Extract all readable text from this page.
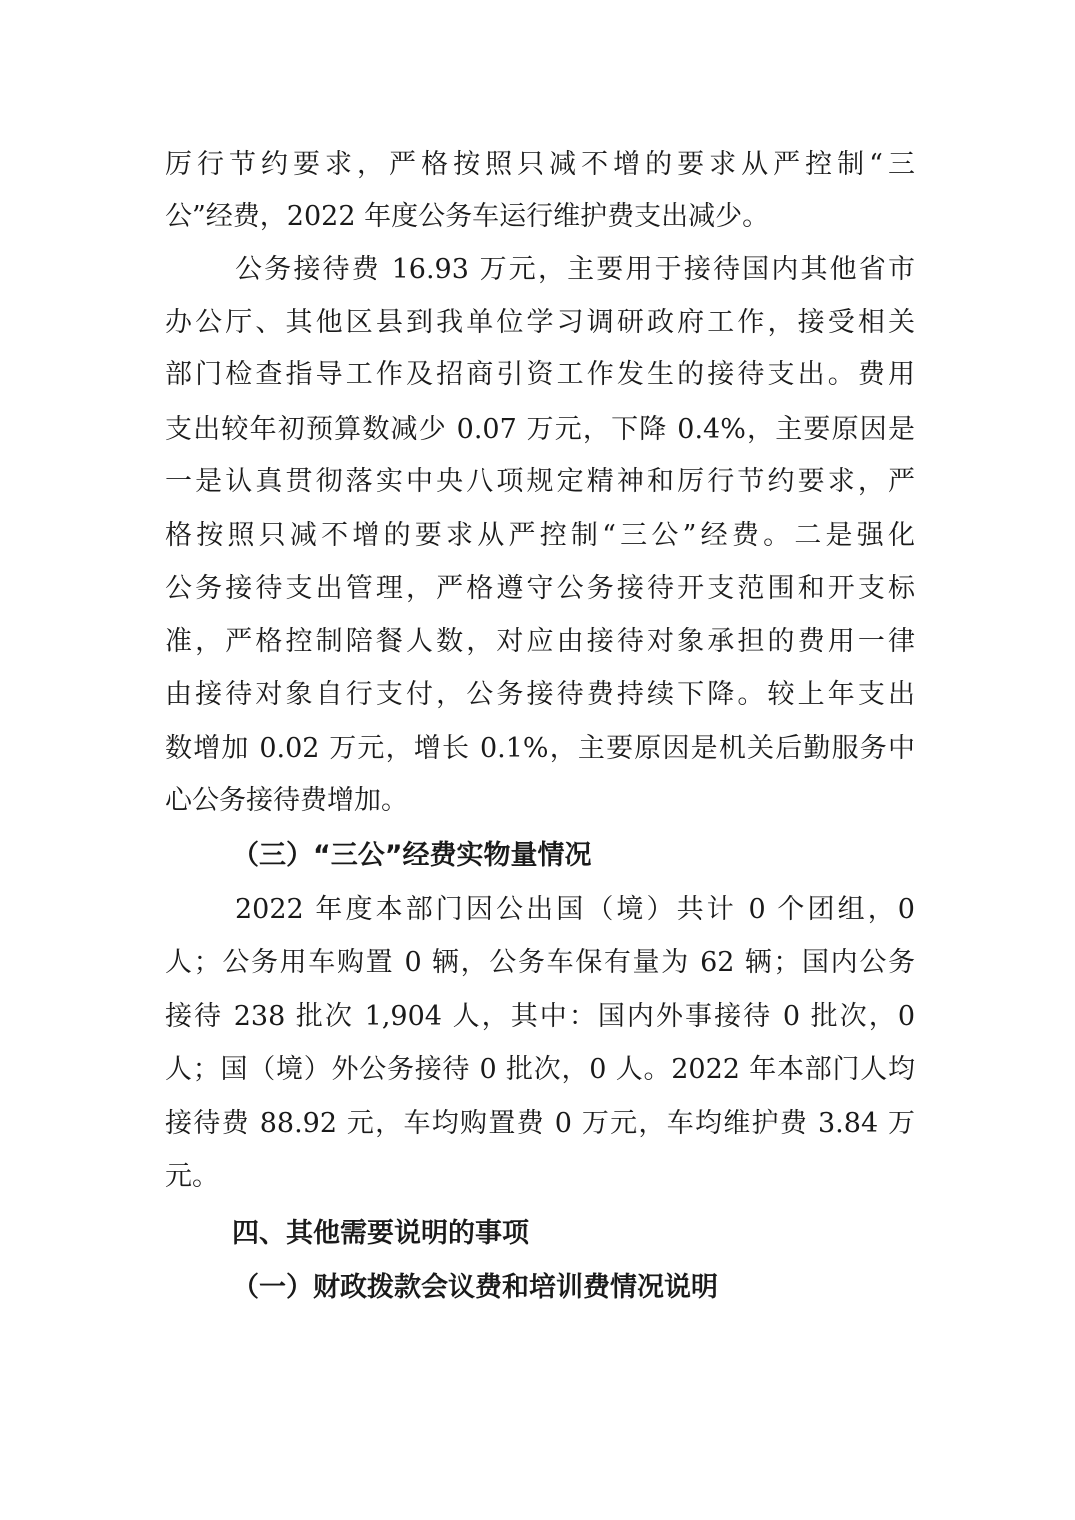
厉行节约要求，严格按照只减不增的要求从严控制“三
公”经费，2022 年度公务车运行维护费支出减少。
公务接待费 16.93 万元，主要用于接待国内其他省市
办公厅、其他区县到我单位学习调研政府工作，接受相关
部门检查指导工作及招商引资工作发生的接待支出。费用
支出较年初预算数减少 0.07 万元，下降 0.4%，主要原因是
一是认真贯彻落实中央八项规定精神和厉行节约要求，严
格按照只减不增的要求从严控制“三公”经费。二是强化
公务接待支出管理，严格遵守公务接待开支范围和开支标
准，严格控制陪餐人数，对应由接待对象承担的费用一律
由接待对象自行支付，公务接待费持续下降。较上年支出
数增加 0.02 万元，增长 0.1%，主要原因是机关后勤服务中
心公务接待费增加。
（三）“三公”经费实物量情况
2022 年度本部门因公出国（境）共计 0 个团组，0
人；公务用车购置 0 辆，公务车保有量为 62 辆；国内公务
接待 238 批次 1,904 人，其中：国内外事接待 0 批次，0
人；国（境）外公务接待 0 批次，0 人。2022 年本部门人均
接待费 88.92 元，车均购置费 0 万元，车均维护费 3.84 万
元。
四、其他需要说明的事项
（一）财政拨款会议费和培训费情况说明
